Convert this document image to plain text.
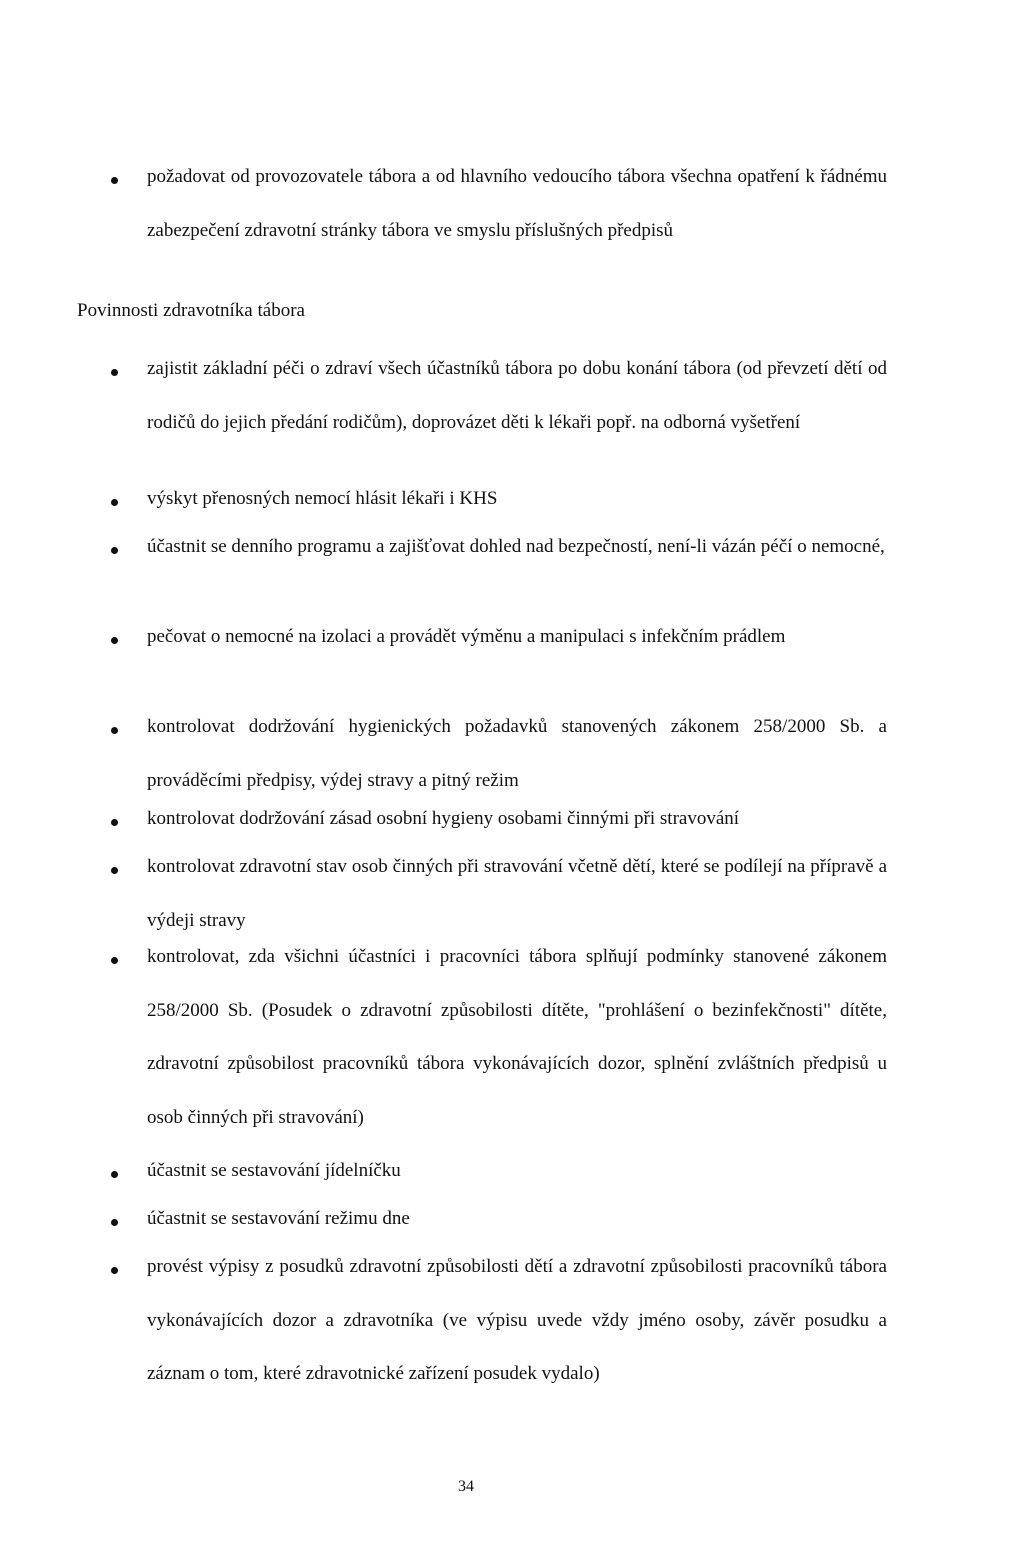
požadovat od provozovatele tábora a od hlavního vedoucího tábora všechna opatření k řádnému zabezpečení zdravotní stránky tábora ve smyslu příslušných předpisů

Povinnosti zdravotníka tábora

zajistit základní péči o zdraví všech účastníků tábora po dobu konání tábora (od převzetí dětí od rodičů do jejich předání rodičům), doprovázet děti k lékaři popř. na odborná vyšetření

výskyt přenosných nemocí hlásit lékaři i KHS

účastnit se denního programu a zajišťovat dohled nad bezpečností, není-li vázán péčí o nemocné,

pečovat o nemocné na izolaci a provádět výměnu a manipulaci s infekčním prádlem

kontrolovat dodržování hygienických požadavků stanovených zákonem 258/2000 Sb. a prováděcími předpisy, výdej stravy a pitný režim

kontrolovat dodržování zásad osobní hygieny osobami činnými při stravování

kontrolovat zdravotní stav osob činných při stravování včetně dětí, které se podílejí na přípravě a výdeji stravy

kontrolovat, zda všichni účastníci i pracovníci tábora splňují podmínky stanovené zákonem 258/2000 Sb. (Posudek o zdravotní způsobilosti dítěte, "prohlášení o bezinfekčnosti" dítěte, zdravotní způsobilost pracovníků tábora vykonávajících dozor, splnění zvláštních předpisů u osob činných při stravování)

účastnit se sestavování jídelníčku

účastnit se sestavování režimu dne

provést výpisy z posudků zdravotní způsobilosti dětí a zdravotní způsobilosti pracovníků tábora vykonávajících dozor a zdravotníka (ve výpisu uvede vždy jméno osoby, závěr posudku a záznam o tom, které zdravotnické zařízení posudek vydalo)

34
